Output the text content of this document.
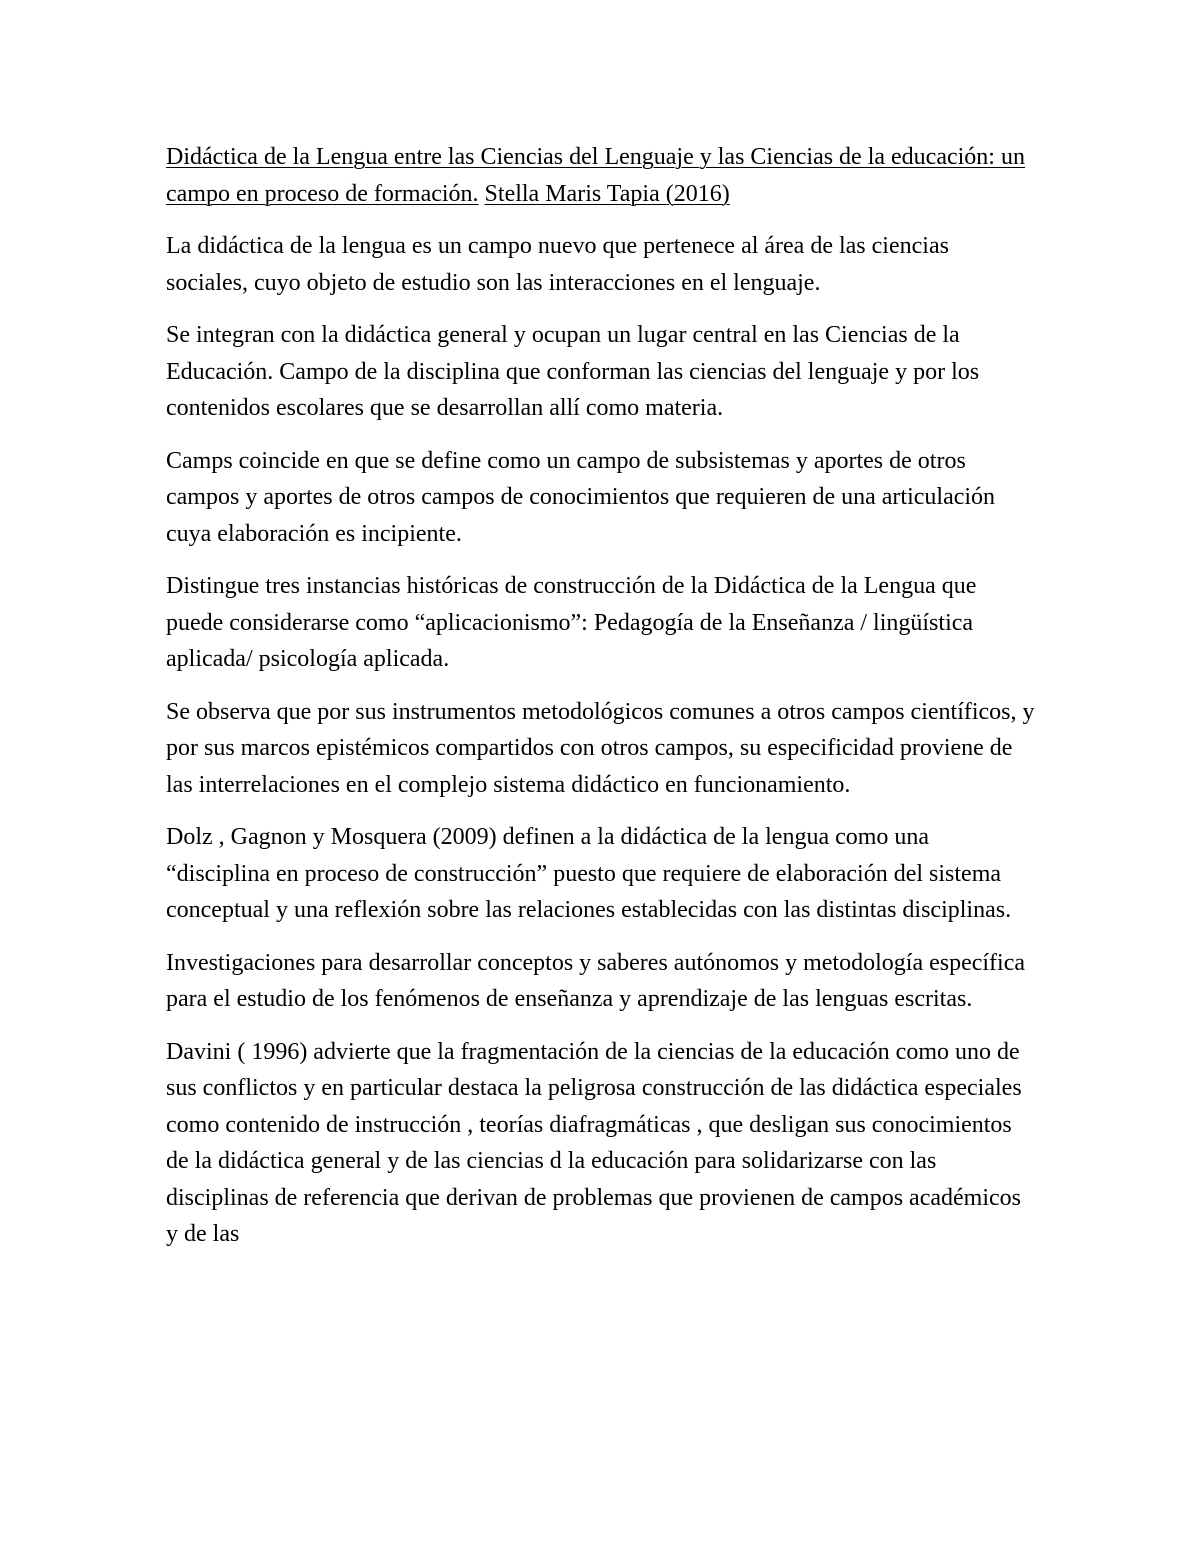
Didáctica de la Lengua entre las Ciencias del Lenguaje y las Ciencias de la educación: un campo en proceso de formación. Stella Maris Tapia (2016)

La didáctica de la lengua es un campo nuevo que pertenece al área de las ciencias sociales, cuyo objeto de estudio son las interacciones en el lenguaje.

Se integran con la didáctica general y ocupan un lugar central en las Ciencias de la Educación. Campo de la disciplina que conforman las ciencias del lenguaje y por los contenidos escolares que se desarrollan allí como materia.

Camps coincide en que se define como un campo de subsistemas y aportes de otros campos y aportes de otros campos de conocimientos que requieren de una articulación cuya elaboración es incipiente.

Distingue tres instancias históricas de construcción de la Didáctica de la Lengua que puede considerarse como “aplicacionismo”: Pedagogía de la Enseñanza / lingüística aplicada/ psicología aplicada.

Se observa que por sus instrumentos metodológicos comunes a otros campos científicos, y por sus marcos epistémicos compartidos con otros campos, su especificidad proviene de las interrelaciones en el complejo sistema didáctico en funcionamiento.

Dolz , Gagnon y Mosquera (2009) definen a la didáctica de la lengua como una “disciplina en proceso de construcción” puesto que requiere de elaboración del sistema conceptual y una reflexión sobre las relaciones establecidas con las distintas disciplinas.

Investigaciones para desarrollar conceptos y saberes autónomos y metodología específica para el estudio de los fenómenos de enseñanza y aprendizaje de las lenguas escritas.

Davini ( 1996) advierte que la fragmentación de la ciencias de la educación como uno de sus conflictos y en particular destaca la peligrosa construcción de las didáctica especiales como contenido de instrucción , teorías diafragmáticas , que desligan sus conocimientos de la didáctica general y de las ciencias d la educación para solidarizarse con las disciplinas de referencia que derivan de problemas que provienen de campos académicos y de las
